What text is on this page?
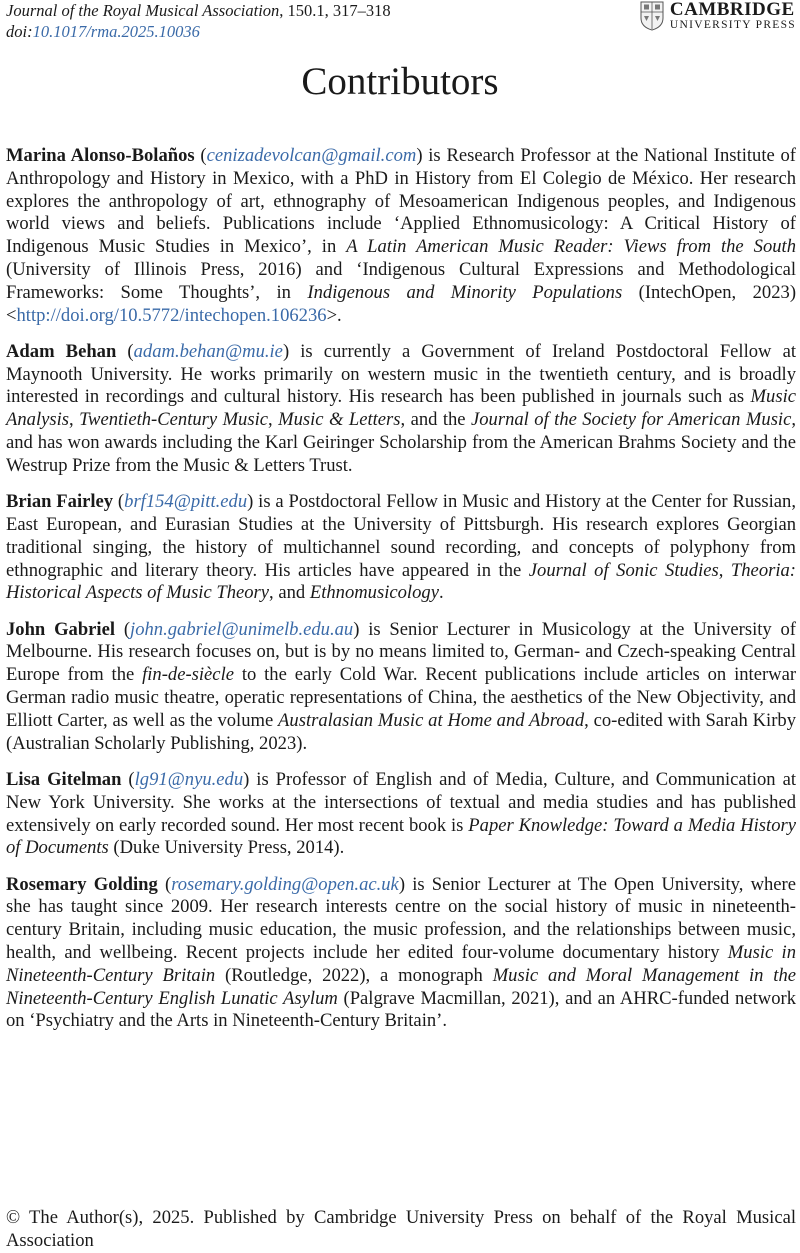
Journal of the Royal Musical Association, 150.1, 317–318
doi:10.1017/rma.2025.10036
CAMBRIDGE
UNIVERSITY PRESS
Contributors

Marina Alonso-Bolaños (cenizadevolcan@gmail.com) is Research Professor at the National Institute of Anthropology and History in Mexico, with a PhD in History from El Colegio de México. Her research explores the anthropology of art, ethnography of Mesoamerican Indigenous peoples, and Indigenous world views and beliefs. Publications include ‘Applied Ethnomusicology: A Critical History of Indigenous Music Studies in Mexico’, in A Latin American Music Reader: Views from the South (University of Illinois Press, 2016) and ‘Indigenous Cultural Expressions and Methodological Frameworks: Some Thoughts’, in Indigenous and Minority Populations (IntechOpen, 2023) <http://doi.org/10.5772/intechopen.106236>.

Adam Behan (adam.behan@mu.ie) is currently a Government of Ireland Postdoctoral Fellow at Maynooth University. He works primarily on western music in the twentieth century, and is broadly interested in recordings and cultural history. His research has been published in journals such as Music Analysis, Twentieth-Century Music, Music & Letters, and the Journal of the Society for American Music, and has won awards including the Karl Geiringer Scholarship from the American Brahms Society and the Westrup Prize from the Music & Letters Trust.

Brian Fairley (brf154@pitt.edu) is a Postdoctoral Fellow in Music and History at the Center for Russian, East European, and Eurasian Studies at the University of Pittsburgh. His research explores Georgian traditional singing, the history of multichannel sound recording, and concepts of polyphony from ethnographic and literary theory. His articles have appeared in the Journal of Sonic Studies, Theoria: Historical Aspects of Music Theory, and Ethnomusicology.

John Gabriel (john.gabriel@unimelb.edu.au) is Senior Lecturer in Musicology at the University of Melbourne. His research focuses on, but is by no means limited to, German- and Czech-speaking Central Europe from the fin-de-siècle to the early Cold War. Recent publications include articles on interwar German radio music theatre, operatic representations of China, the aesthetics of the New Objectivity, and Elliott Carter, as well as the volume Australasian Music at Home and Abroad, co-edited with Sarah Kirby (Australian Scholarly Publishing, 2023).

Lisa Gitelman (lg91@nyu.edu) is Professor of English and of Media, Culture, and Communication at New York University. She works at the intersections of textual and media studies and has published extensively on early recorded sound. Her most recent book is Paper Knowledge: Toward a Media History of Documents (Duke University Press, 2014).

Rosemary Golding (rosemary.golding@open.ac.uk) is Senior Lecturer at The Open University, where she has taught since 2009. Her research interests centre on the social history of music in nineteenth-century Britain, including music education, the music profession, and the relationships between music, health, and wellbeing. Recent projects include her edited four-volume documentary history Music in Nineteenth-Century Britain (Routledge, 2022), a monograph Music and Moral Management in the Nineteenth-Century English Lunatic Asylum (Palgrave Macmillan, 2021), and an AHRC-funded network on ‘Psychiatry and the Arts in Nineteenth-Century Britain’.

© The Author(s), 2025. Published by Cambridge University Press on behalf of the Royal Musical Association
